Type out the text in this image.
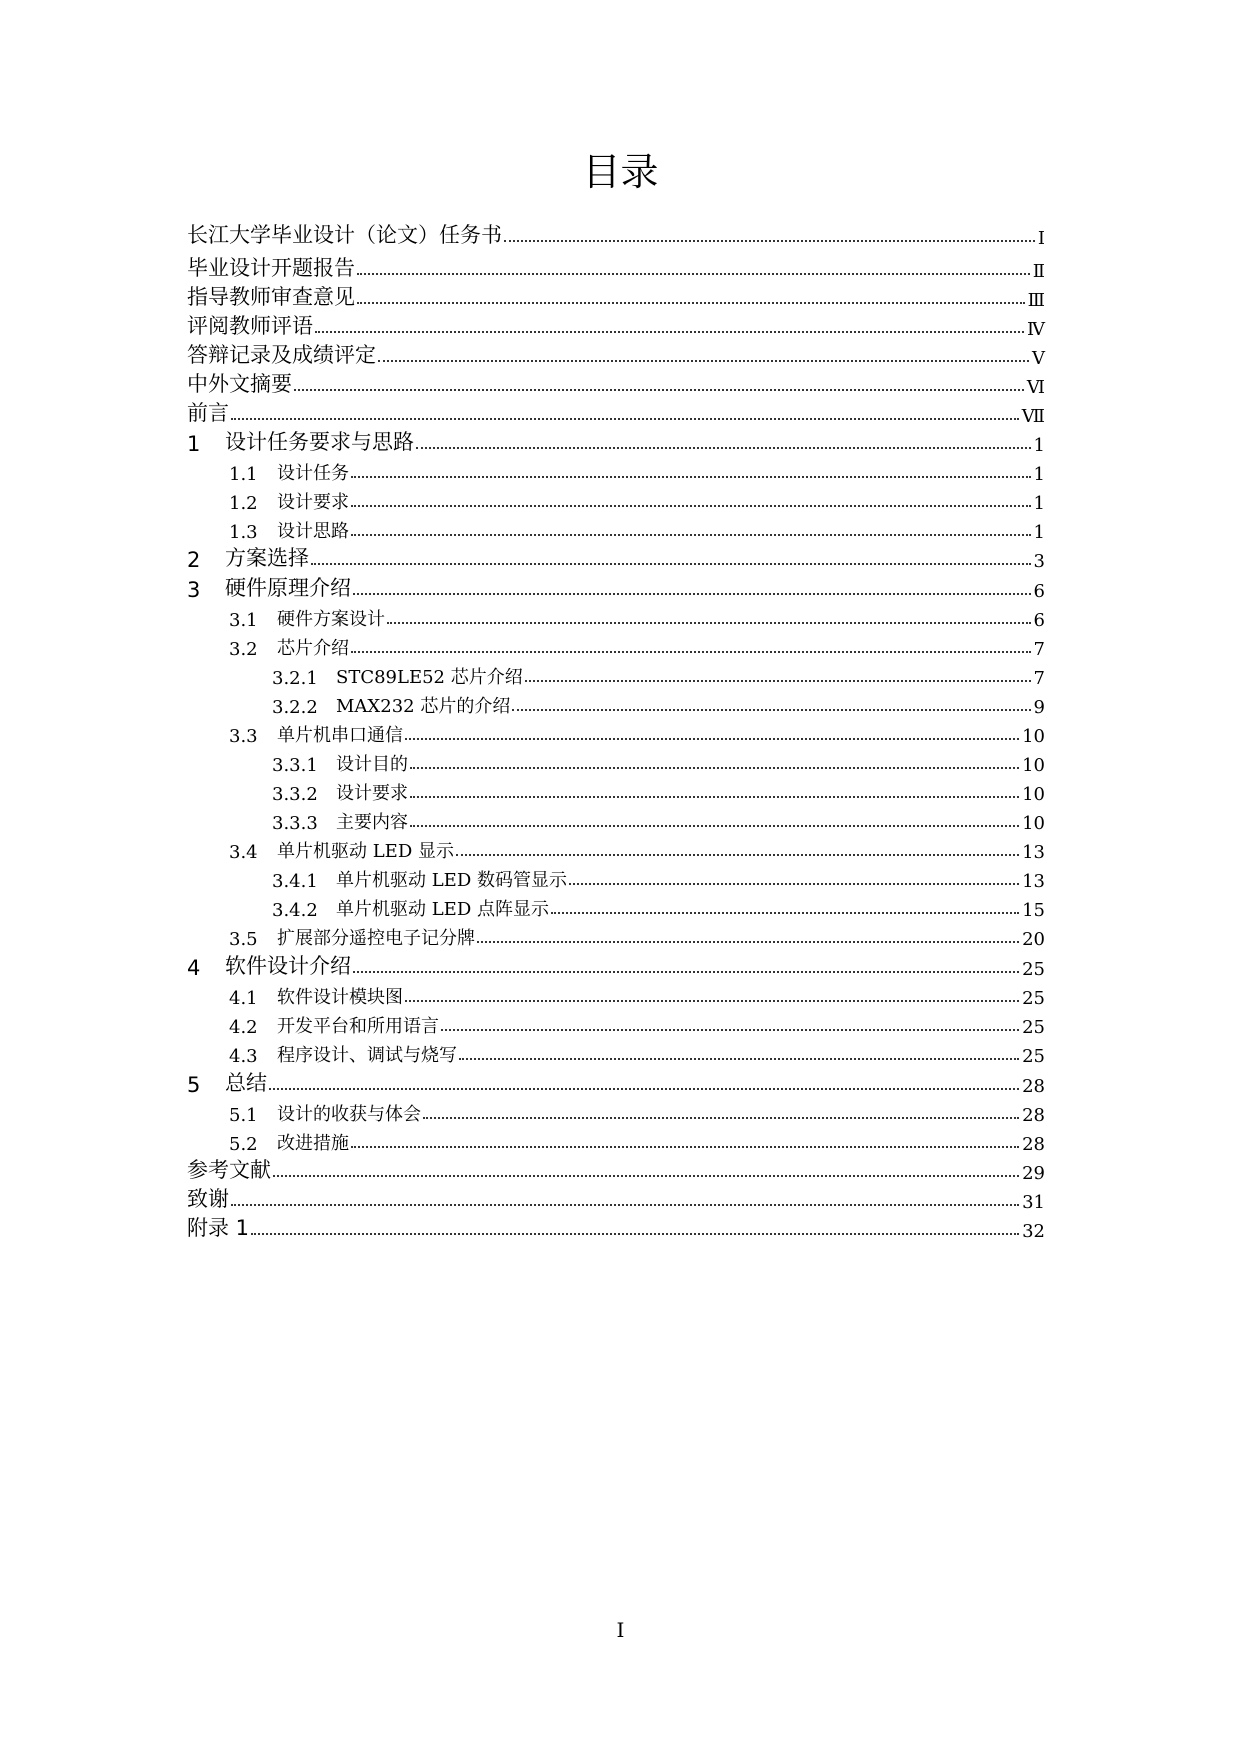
目录
长江大学毕业设计（论文）任务书	Ⅰ
毕业设计开题报告	Ⅱ
指导教师审查意见	Ⅲ
评阅教师评语	Ⅳ
答辩记录及成绩评定	Ⅴ
中外文摘要	Ⅵ
前言	Ⅶ
1	设计任务要求与思路	1
1.1	设计任务	1
1.2	设计要求	1
1.3	设计思路	1
2	方案选择	3
3	硬件原理介绍	6
3.1	硬件方案设计	6
3.2	芯片介绍	7
3.2.1	STC89LE52 芯片介绍	7
3.2.2	MAX232 芯片的介绍	9
3.3	单片机串口通信	10
3.3.1	设计目的	10
3.3.2	设计要求	10
3.3.3	主要内容	10
3.4	单片机驱动 LED 显示	13
3.4.1	单片机驱动 LED 数码管显示	13
3.4.2	单片机驱动 LED 点阵显示	15
3.5	扩展部分遥控电子记分牌	20
4	软件设计介绍	25
4.1	软件设计模块图	25
4.2	开发平台和所用语言	25
4.3	程序设计、调试与烧写	25
5	总结	28
5.1	设计的收获与体会	28
5.2	改进措施	28
参考文献	29
致谢	31
附录 1	32
I
